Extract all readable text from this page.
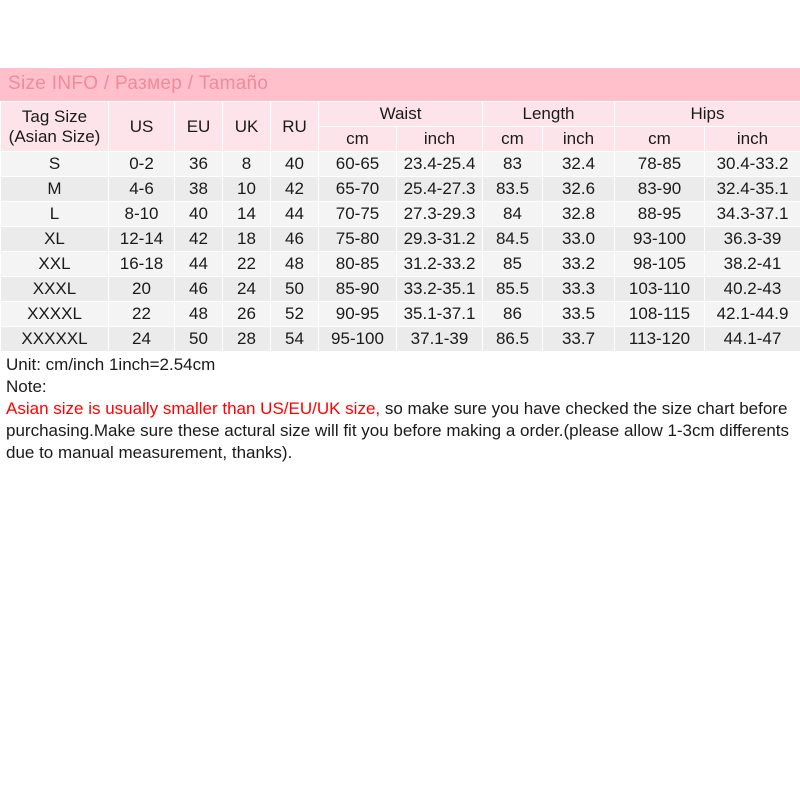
Size INFO / Размер / Tamaño
Tag Size (Asian Size)	US	EU	UK	RU	Waist		Length		Hips	
					cm	inch	cm	inch	cm	inch
S	0-2	36	8	40	60-65	23.4-25.4	83	32.4	78-85	30.4-33.2
M	4-6	38	10	42	65-70	25.4-27.3	83.5	32.6	83-90	32.4-35.1
L	8-10	40	14	44	70-75	27.3-29.3	84	32.8	88-95	34.3-37.1
XL	12-14	42	18	46	75-80	29.3-31.2	84.5	33.0	93-100	36.3-39
XXL	16-18	44	22	48	80-85	31.2-33.2	85	33.2	98-105	38.2-41
XXXL	20	46	24	50	85-90	33.2-35.1	85.5	33.3	103-110	40.2-43
XXXXL	22	48	26	52	90-95	35.1-37.1	86	33.5	108-115	42.1-44.9
XXXXXL	24	50	28	54	95-100	37.1-39	86.5	33.7	113-120	44.1-47
Unit: cm/inch 1inch=2.54cm
Note:
Asian size is usually smaller than US/EU/UK size, so make sure you have checked the size chart before purchasing.Make sure these actural size will fit you before making a order.(please allow 1-3cm differents due to manual measurement, thanks).
